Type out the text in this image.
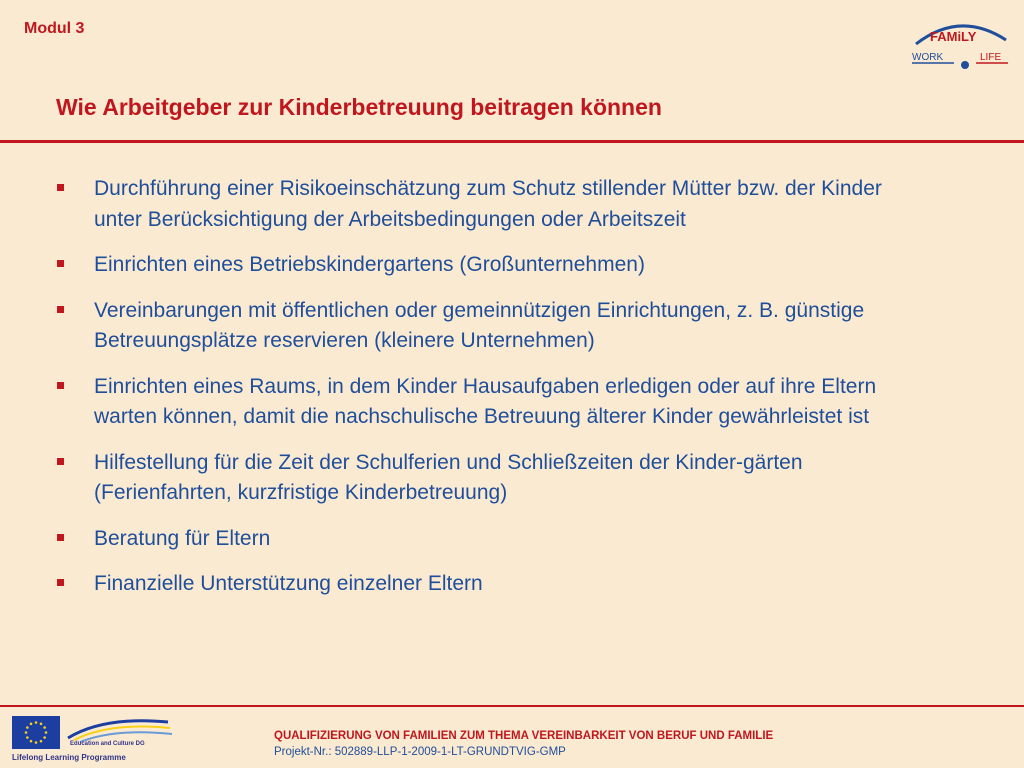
Modul 3	FAMiLY
WORK	LIFE
Wie Arbeitgeber zur Kinderbetreuung beitragen können
Durchführung einer Risikoeinschätzung zum Schutz stillender Mütter bzw. der Kinder unter Berücksichtigung der Arbeitsbedingungen oder Arbeitszeit
Einrichten eines Betriebskindergartens (Großunternehmen)
Vereinbarungen mit öffentlichen oder gemeinnützigen Einrichtungen, z. B. günstige Betreuungsplätze reservieren (kleinere Unternehmen)
Einrichten eines Raums, in dem Kinder Hausaufgaben erledigen oder auf ihre Eltern warten können, damit die nachschulische Betreuung älterer Kinder gewährleistet ist
Hilfestellung für die Zeit der Schulferien und Schließzeiten der Kinder-gärten (Ferienfahrten, kurzfristige Kinderbetreuung)
Beratung für Eltern
Finanzielle Unterstützung einzelner Eltern
Education and Culture DG
Lifelong Learning Programme
QUALIFIZIERUNG VON FAMILIEN ZUM THEMA VEREINBARKEIT VON BERUF UND FAMILIE
Projekt-Nr.: 502889-LLP-1-2009-1-LT-GRUNDTVIG-GMP
